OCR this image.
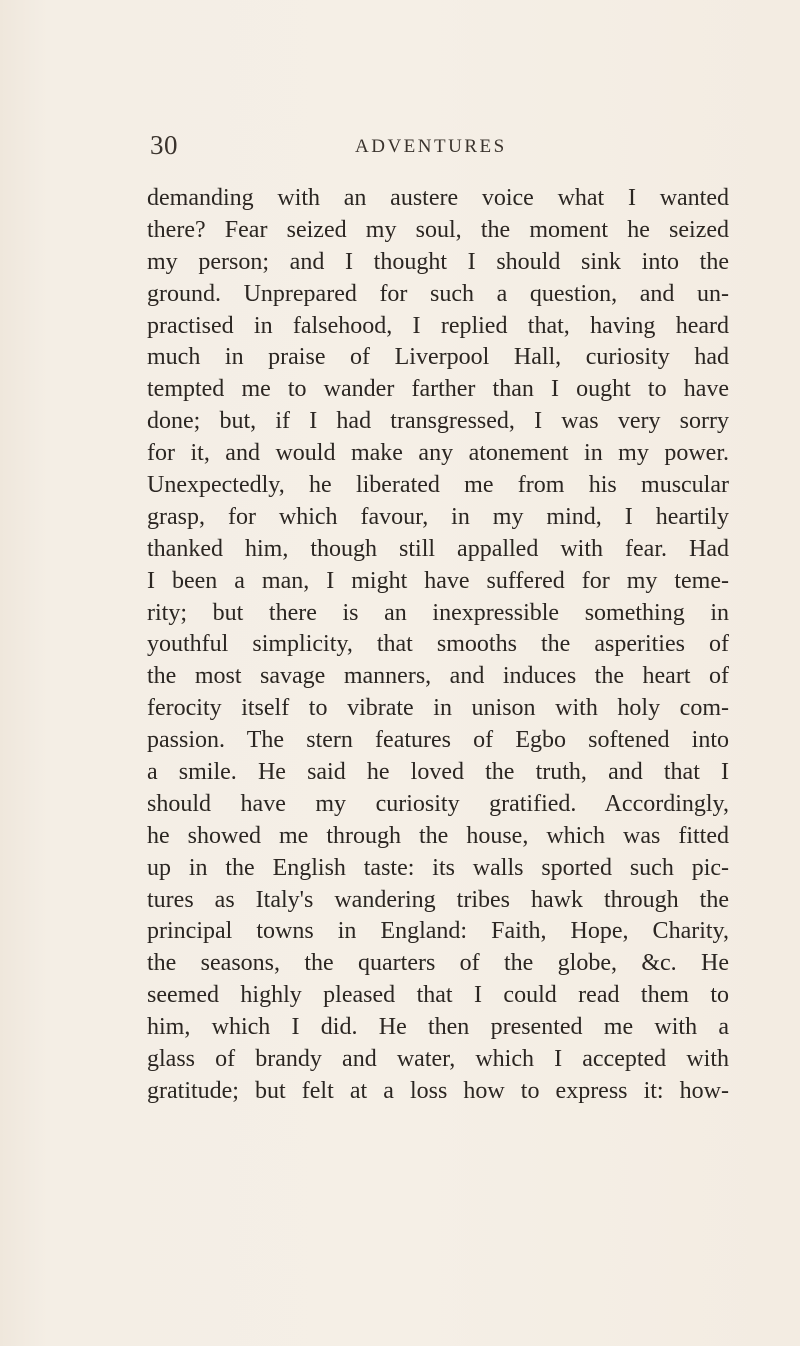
30	ADVENTURES
demanding with an austere voice what I wanted
there? Fear seized my soul, the moment he seized
my person; and I thought I should sink into the
ground. Unprepared for such a question, and un-
practised in falsehood, I replied that, having heard
much in praise of Liverpool Hall, curiosity had
tempted me to wander farther than I ought to have
done; but, if I had transgressed, I was very sorry
for it, and would make any atonement in my power.
Unexpectedly, he liberated me from his muscular
grasp, for which favour, in my mind, I heartily
thanked him, though still appalled with fear. Had
I been a man, I might have suffered for my teme-
rity; but there is an inexpressible something in
youthful simplicity, that smooths the asperities of
the most savage manners, and induces the heart of
ferocity itself to vibrate in unison with holy com-
passion. The stern features of Egbo softened into
a smile. He said he loved the truth, and that I
should have my curiosity gratified. Accordingly,
he showed me through the house, which was fitted
up in the English taste: its walls sported such pic-
tures as Italy's wandering tribes hawk through the
principal towns in England: Faith, Hope, Charity,
the seasons, the quarters of the globe, &c. He
seemed highly pleased that I could read them to
him, which I did. He then presented me with a
glass of brandy and water, which I accepted with
gratitude; but felt at a loss how to express it: how-
